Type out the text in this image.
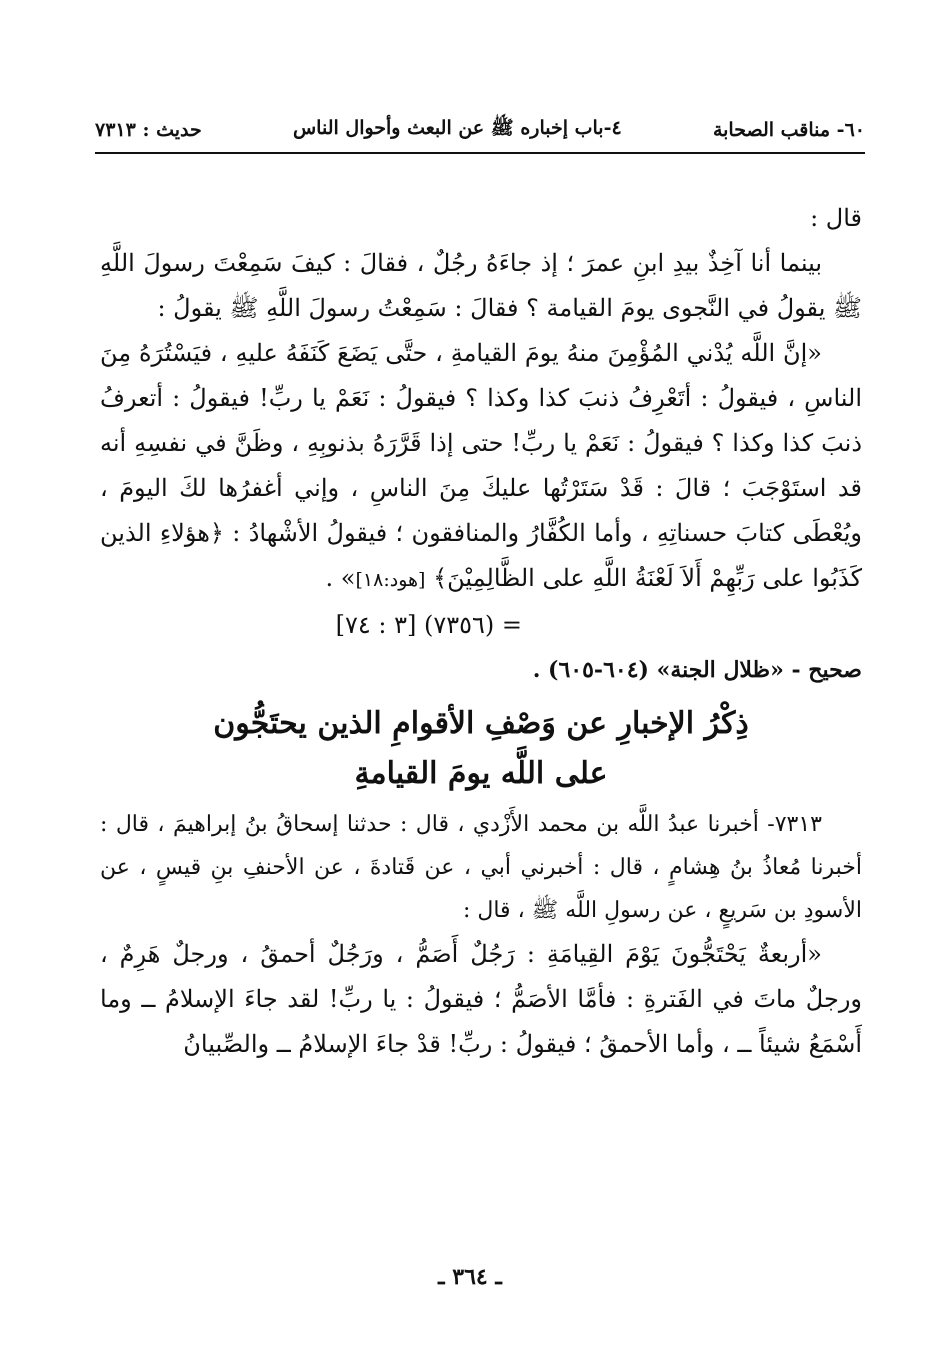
٦٠- مناقب الصحابة
٤-باب إخباره ﷺ عن البعث وأحوال الناس
حديث : ٧٣١٣

قال :

بينما أنا آخِذٌ بيدِ ابنِ عمرَ ؛ إذ جاءَهُ رجُلٌ ، فقالَ : كيفَ سَمِعْتَ رسولَ اللَّهِ ﷺ يقولُ في النَّجوى يومَ القيامة ؟ فقالَ : سَمِعْتُ رسولَ اللَّهِ ﷺ يقولُ :

«إنَّ اللَّه يُدْني المُؤْمِنَ منهُ يومَ القيامةِ ، حتَّى يَضَعَ كَنَفَهُ عليهِ ، فيَسْتُرَهُ مِنَ الناسِ ، فيقولُ : أتَعْرِفُ ذنبَ كذا وكذا ؟ فيقولُ : نَعَمْ يا ربِّ! فيقولُ : أتعرفُ ذنبَ كذا وكذا ؟ فيقولُ : نَعَمْ يا ربِّ! حتى إذا قَرَّرَهُ بذنوبِهِ ، وظَنَّ في نفسِهِ أنه قد استَوْجَبَ ؛ قالَ : قَدْ سَتَرْتُها عليكَ مِنَ الناسِ ، وإني أغفرُها لكَ اليومَ ، ويُعْطَى كتابَ حسناتِهِ ، وأما الكُفَّارُ والمنافقون ؛ فيقولُ الأشْهادُ : ﴿هؤلاءِ الذين كَذَبُوا على رَبِّهِمْ أَلاَ لَعْنَةُ اللَّهِ على الظَّالِمِيْنَ﴾ [هود:١٨]» .

= (٧٣٥٦) [٣ : ٧٤]

صحيح - «ظلال الجنة» (٦٠٤-٦٠٥) .

ذِكْرُ الإخبارِ عن وَصْفِ الأقوامِ الذين يحتَجُّون
على اللَّه يومَ القيامةِ

٧٣١٣- أخبرنا عبدُ اللَّه بن محمد الأَزْدي ، قال : حدثنا إسحاقُ بنُ إبراهيمَ ، قال : أخبرنا مُعاذُ بنُ هِشامٍ ، قال : أخبرني أبي ، عن قَتادةَ ، عن الأحنفِ بنِ قيسٍ ، عن الأسودِ بن سَريعٍ ، عن رسولِ اللَّه ﷺ ، قال :

«أربعةٌ يَحْتَجُّونَ يَوْمَ القِيامَةِ : رَجُلٌ أَصَمُّ ، ورَجُلٌ أحمقُ ، ورجلٌ هَرِمٌ ، ورجلٌ ماتَ في الفَترةِ : فأمَّا الأصَمُّ ؛ فيقولُ : يا ربِّ! لقد جاءَ الإسلامُ ــ وما أَسْمَعُ شيئاً ــ ، وأما الأحمقُ ؛ فيقولُ : ربِّ! قدْ جاءَ الإسلامُ ــ والصِّبيانُ

ـ ٣٦٤ ـ
